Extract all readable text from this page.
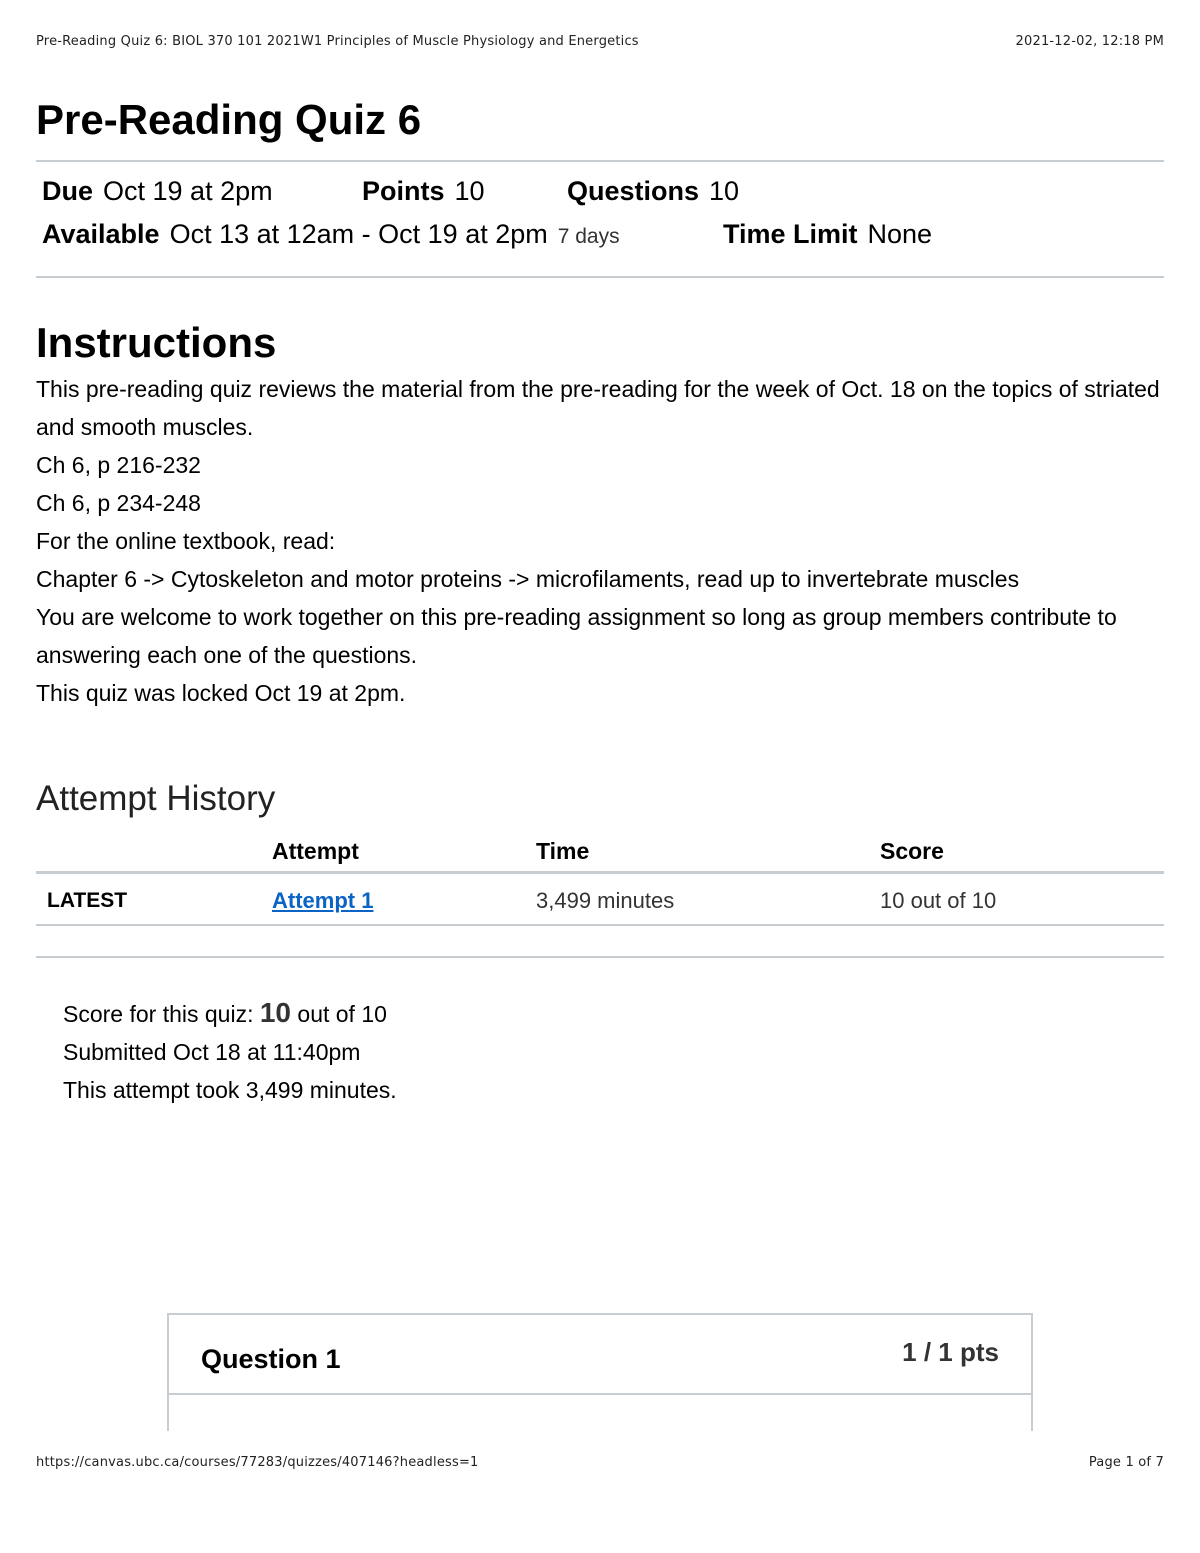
Pre-Reading Quiz 6: BIOL 370 101 2021W1 Principles of Muscle Physiology and Energetics	2021-12-02, 12:18 PM
Pre-Reading Quiz 6
Due Oct 19 at 2pm	Points 10	Questions 10
Available Oct 13 at 12am - Oct 19 at 2pm 7 days	Time Limit None
Instructions

This pre-reading quiz reviews the material from the pre-reading for the week of Oct. 18 on the topics of striated and smooth muscles.

Ch 6, p 216-232

Ch 6, p 234-248

For the online textbook, read:

Chapter 6 -> Cytoskeleton and motor proteins -> microfilaments, read up to invertebrate muscles

You are welcome to work together on this pre-reading assignment so long as group members contribute to answering each one of the questions.

This quiz was locked Oct 19 at 2pm.

Attempt History
	Attempt	Time	Score
LATEST	Attempt 1	3,499 minutes	10 out of 10
Score for this quiz: 10 out of 10
Submitted Oct 18 at 11:40pm
This attempt took 3,499 minutes.
Question 1	1 / 1 pts
https://canvas.ubc.ca/courses/77283/quizzes/407146?headless=1	Page 1 of 7
